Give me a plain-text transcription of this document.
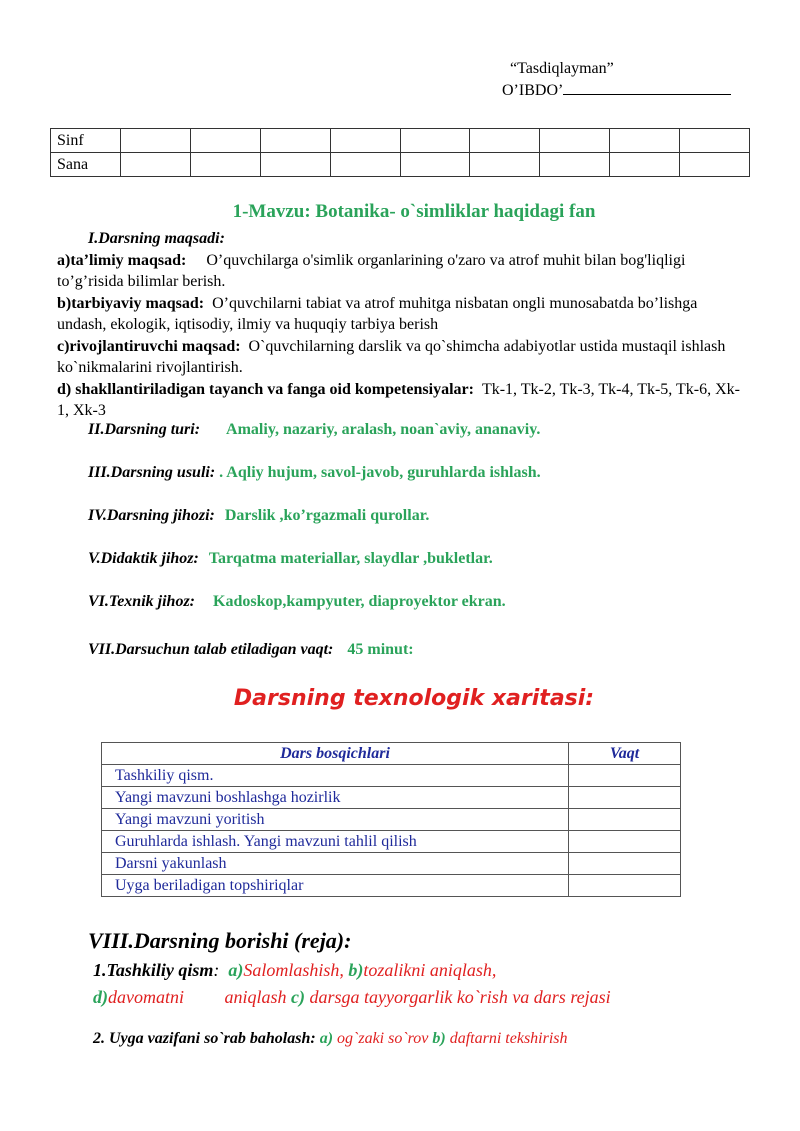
“Tasdiqlayman”
O’IBDO’
Sinf									
Sana									
1-Mavzu: Botanika- o`simliklar haqidagi fan

I.Darsning maqsadi:

a)ta’limiy maqsad: O’quvchilarga o'simlik organlarining o'zaro va atrof muhit bilan bog'liqligi to’g’risida bilimlar berish.

b)tarbiyaviy maqsad: O’quvchilarni tabiat va atrof muhitga nisbatan ongli munosabatda bo’lishga undash, ekologik, iqtisodiy, ilmiy va huquqiy tarbiya berish

c)rivojlantiruvchi maqsad: O`quvchilarning darslik va qo`shimcha adabiyotlar ustida mustaqil ishlash ko`nikmalarini rivojlantirish.

d) shakllantiriladigan tayanch va fanga oid kompetensiyalar: Tk-1, Tk-2, Tk-3, Tk-4, Tk-5, Tk-6, Xk-1, Xk-3

II.Darsning turi: Amaliy, nazariy, aralash, noan`aviy, ananaviy.
III.Darsning usuli: . Aqliy hujum, savol-javob, guruhlarda ishlash.
IV.Darsning jihozi: Darslik ,ko’rgazmali qurollar.
V.Didaktik jihoz: Tarqatma materiallar, slaydlar ,bukletlar.
VI.Texnik jihoz: Kadoskop,kampyuter, diaproyektor ekran.
VII.Darsuchun talab etiladigan vaqt: 45 minut:
Darsning texnologik xaritasi:
Dars bosqichlari	Vaqt
Tashkiliy qism.	
Yangi mavzuni boshlashga hozirlik	
Yangi mavzuni yoritish	
Guruhlarda ishlash. Yangi mavzuni tahlil qilish	
Darsni yakunlash	
Uyga beriladigan topshiriqlar	
VIII.Darsning borishi (reja):
1.Tashkiliy qism: a)Salomlashish, b)tozalikni aniqlash,
d)davomatni aniqlash c) darsga tayyorgarlik ko`rish va dars rejasi
2. Uyga vazifani so`rab baholash: a) og`zaki so`rov b) daftarni tekshirish
